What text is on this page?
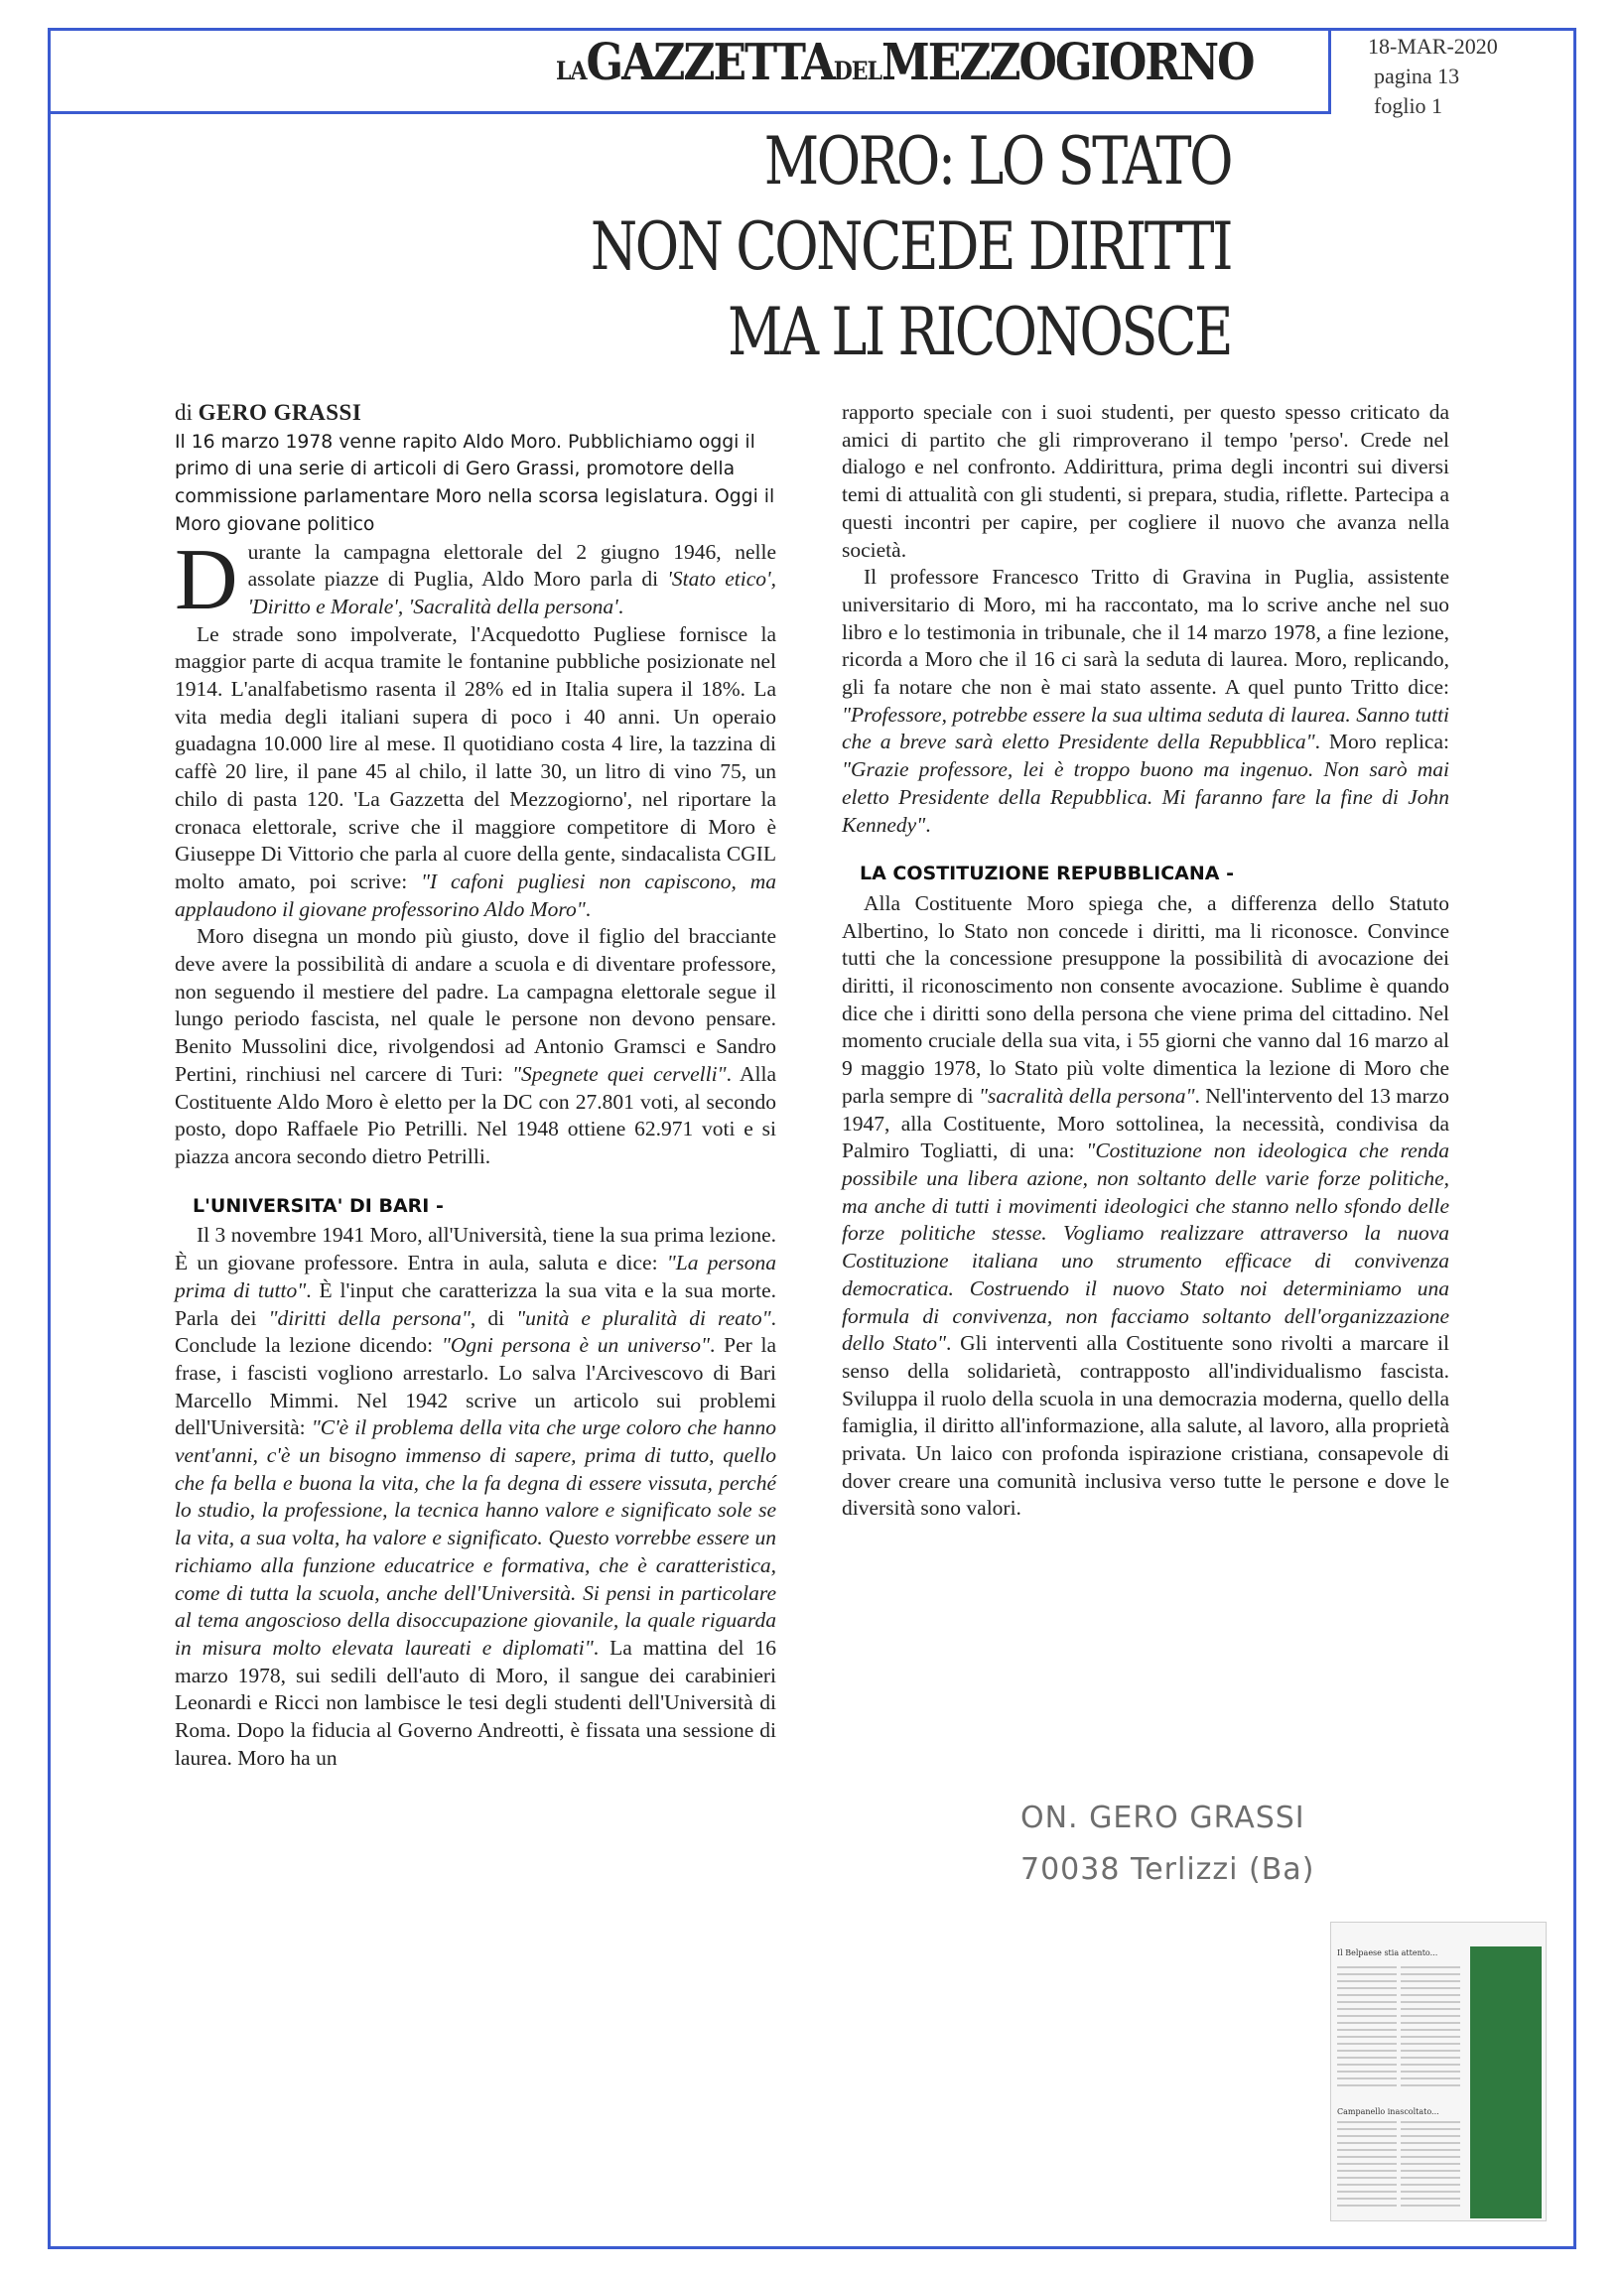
LAGAZZETTADELMEZZOGIORNO	18-MAR-2020
pagina 13
foglio 1
MORO: LO STATO
NON CONCEDE DIRITTI
MA LI RICONOSCE
di GERO GRASSI
Il 16 marzo 1978 venne rapito Aldo Moro. Pubblichiamo oggi il primo di una serie di articoli di Gero Grassi, promotore della commissione parlamentare Moro nella scorsa legislatura. Oggi il Moro giovane politico

Durante la campagna elettorale del 2 giugno 1946, nelle assolate piazze di Puglia, Aldo Moro parla di 'Stato etico', 'Diritto e Morale', 'Sacralità della persona'.

Le strade sono impolverate, l'Acquedotto Pugliese fornisce la maggior parte di acqua tramite le fontanine pubbliche posizionate nel 1914. L'analfabetismo rasenta il 28% ed in Italia supera il 18%. La vita media degli italiani supera di poco i 40 anni. Un operaio guadagna 10.000 lire al mese. Il quotidiano costa 4 lire, la tazzina di caffè 20 lire, il pane 45 al chilo, il latte 30, un litro di vino 75, un chilo di pasta 120. 'La Gazzetta del Mezzogiorno', nel riportare la cronaca elettorale, scrive che il maggiore competitore di Moro è Giuseppe Di Vittorio che parla al cuore della gente, sindacalista CGIL molto amato, poi scrive: "I cafoni pugliesi non capiscono, ma applaudono il giovane professorino Aldo Moro".

Moro disegna un mondo più giusto, dove il figlio del bracciante deve avere la possibilità di andare a scuola e di diventare professore, non seguendo il mestiere del padre. La campagna elettorale segue il lungo periodo fascista, nel quale le persone non devono pensare. Benito Mussolini dice, rivolgendosi ad Antonio Gramsci e Sandro Pertini, rinchiusi nel carcere di Turi: "Spegnete quei cervelli". Alla Costituente Aldo Moro è eletto per la DC con 27.801 voti, al secondo posto, dopo Raffaele Pio Petrilli. Nel 1948 ottiene 62.971 voti e si piazza ancora secondo dietro Petrilli.

L'UNIVERSITA' DI BARI -

Il 3 novembre 1941 Moro, all'Università, tiene la sua prima lezione. È un giovane professore. Entra in aula, saluta e dice: "La persona prima di tutto". È l'input che caratterizza la sua vita e la sua morte. Parla dei "diritti della persona", di "unità e pluralità di reato". Conclude la lezione dicendo: "Ogni persona è un universo". Per la frase, i fascisti vogliono arrestarlo. Lo salva l'Arcivescovo di Bari Marcello Mimmi. Nel 1942 scrive un articolo sui problemi dell'Università: "C'è il problema della vita che urge coloro che hanno vent'anni, c'è un bisogno immenso di sapere, prima di tutto, quello che fa bella e buona la vita, che la fa degna di essere vissuta, perché lo studio, la professione, la tecnica hanno valore e significato sole se la vita, a sua volta, ha valore e significato. Questo vorrebbe essere un richiamo alla funzione educatrice e formativa, che è caratteristica, come di tutta la scuola, anche dell'Università. Si pensi in particolare al tema angoscioso della disoccupazione giovanile, la quale riguarda in misura molto elevata laureati e diplomati". La mattina del 16 marzo 1978, sui sedili dell'auto di Moro, il sangue dei carabinieri Leonardi e Ricci non lambisce le tesi degli studenti dell'Università di Roma. Dopo la fiducia al Governo Andreotti, è fissata una sessione di laurea. Moro ha un

rapporto speciale con i suoi studenti, per questo spesso criticato da amici di partito che gli rimproverano il tempo 'perso'. Crede nel dialogo e nel confronto. Addirittura, prima degli incontri sui diversi temi di attualità con gli studenti, si prepara, studia, riflette. Partecipa a questi incontri per capire, per cogliere il nuovo che avanza nella società.

Il professore Francesco Tritto di Gravina in Puglia, assistente universitario di Moro, mi ha raccontato, ma lo scrive anche nel suo libro e lo testimonia in tribunale, che il 14 marzo 1978, a fine lezione, ricorda a Moro che il 16 ci sarà la seduta di laurea. Moro, replicando, gli fa notare che non è mai stato assente. A quel punto Tritto dice: "Professore, potrebbe essere la sua ultima seduta di laurea. Sanno tutti che a breve sarà eletto Presidente della Repubblica". Moro replica: "Grazie professore, lei è troppo buono ma ingenuo. Non sarò mai eletto Presidente della Repubblica. Mi faranno fare la fine di John Kennedy".

LA COSTITUZIONE REPUBBLICANA -

Alla Costituente Moro spiega che, a differenza dello Statuto Albertino, lo Stato non concede i diritti, ma li riconosce. Convince tutti che la concessione presuppone la possibilità di avocazione dei diritti, il riconoscimento non consente avocazione. Sublime è quando dice che i diritti sono della persona che viene prima del cittadino. Nel momento cruciale della sua vita, i 55 giorni che vanno dal 16 marzo al 9 maggio 1978, lo Stato più volte dimentica la lezione di Moro che parla sempre di "sacralità della persona". Nell'intervento del 13 marzo 1947, alla Costituente, Moro sottolinea, la necessità, condivisa da Palmiro Togliatti, di una: "Costituzione non ideologica che renda possibile una libera azione, non soltanto delle varie forze politiche, ma anche di tutti i movimenti ideologici che stanno nello sfondo delle forze politiche stesse. Vogliamo realizzare attraverso la nuova Costituzione italiana uno strumento efficace di convivenza democratica. Costruendo il nuovo Stato noi determiniamo una formula di convivenza, non facciamo soltanto dell'organizzazione dello Stato". Gli interventi alla Costituente sono rivolti a marcare il senso della solidarietà, contrapposto all'individualismo fascista. Sviluppa il ruolo della scuola in una democrazia moderna, quello della famiglia, il diritto all'informazione, alla salute, al lavoro, alla proprietà privata. Un laico con profonda ispirazione cristiana, consapevole di dover creare una comunità inclusiva verso tutte le persone e dove le diversità sono valori.

ON. GERO GRASSI
70038 Terlizzi (Ba)
Il Belpaese stia attento...
Campanello inascoltato...
